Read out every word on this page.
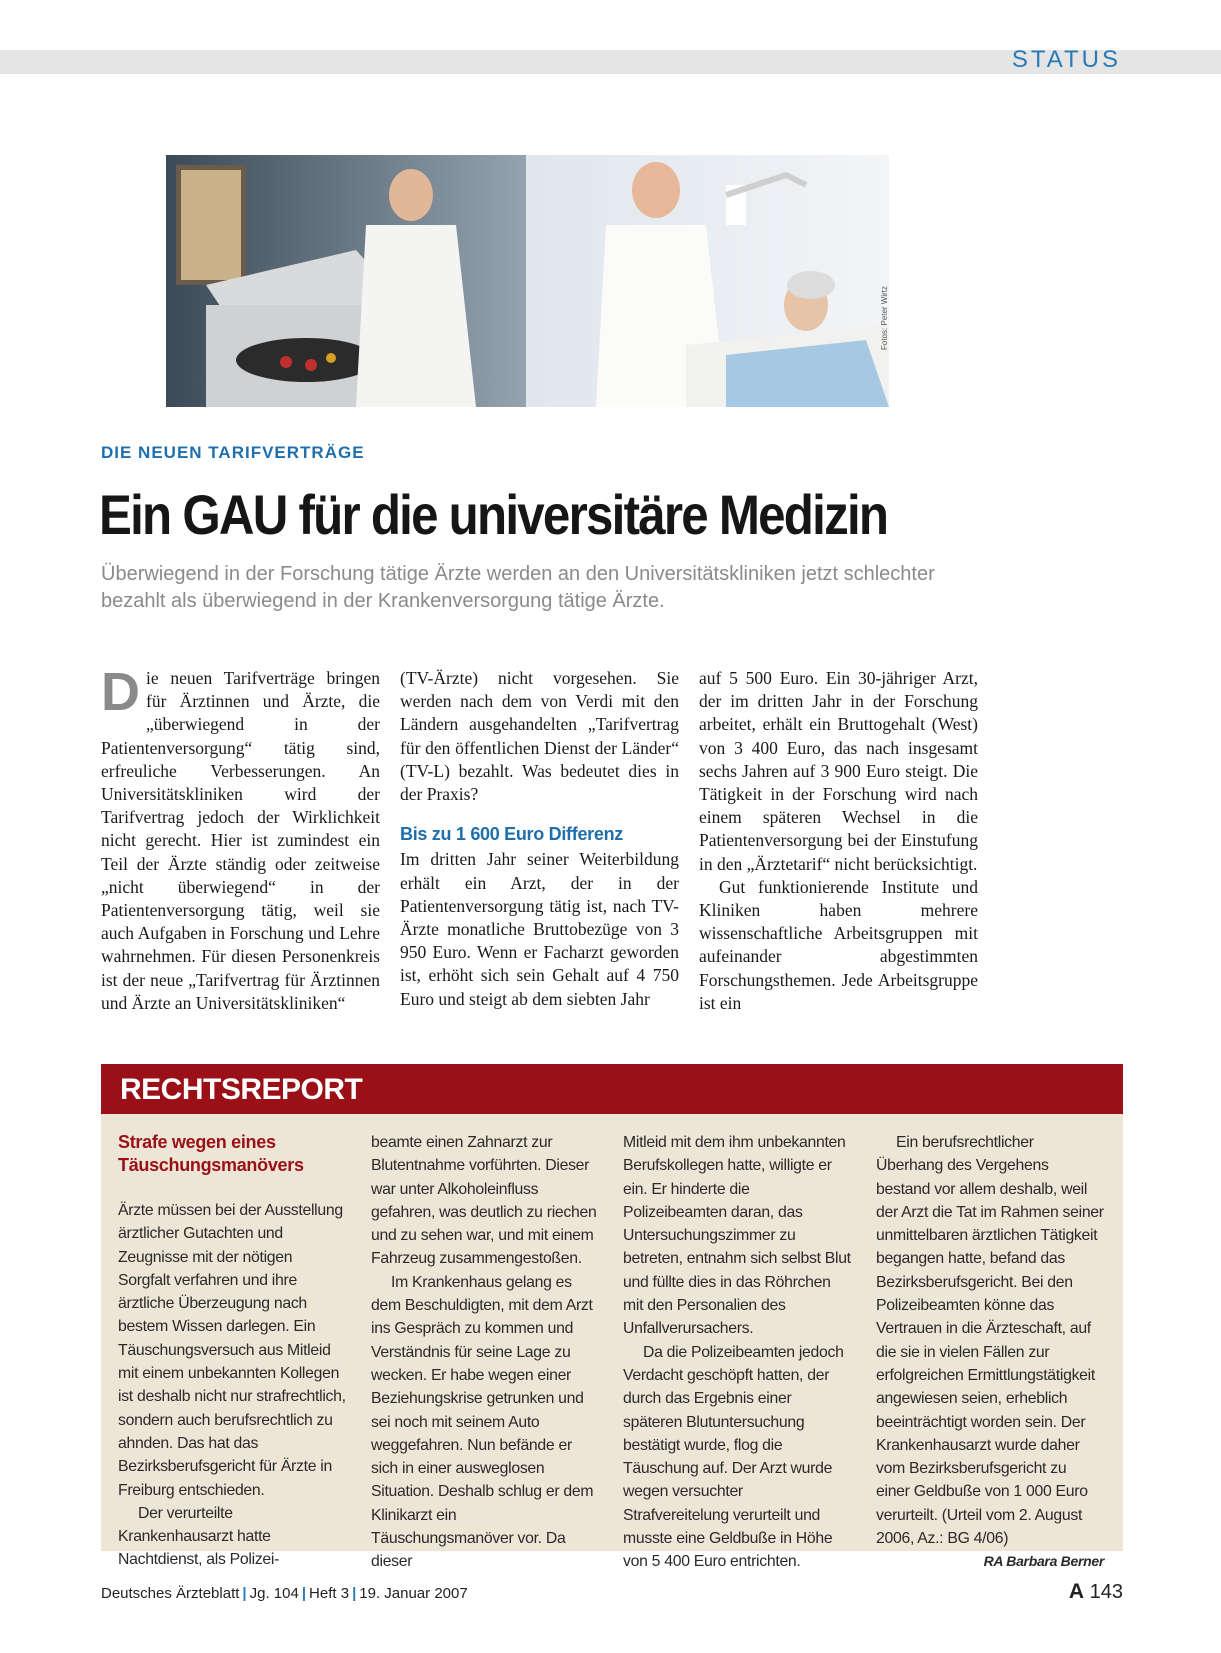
STATUS
Fotos: Peter Wirtz
DIE NEUEN TARIFVERTRÄGE
Ein GAU für die universitäre Medizin
Überwiegend in der Forschung tätige Ärzte werden an den Universitätskliniken jetzt schlechter bezahlt als überwiegend in der Krankenversorgung tätige Ärzte.
D ie neuen Tarifverträge bringen für Ärztinnen und Ärzte, die „überwiegend in der Patientenversorgung“ tätig sind, erfreuliche Verbesserungen. An Universitätskliniken wird der Tarifvertrag jedoch der Wirklichkeit nicht gerecht. Hier ist zumindest ein Teil der Ärzte ständig oder zeitweise „nicht überwiegend“ in der Patientenversorgung tätig, weil sie auch Aufgaben in Forschung und Lehre wahrnehmen. Für diesen Personenkreis ist der neue „Tarifvertrag für Ärztinnen und Ärzte an Universitätskliniken“

(TV-Ärzte) nicht vorgesehen. Sie werden nach dem von Verdi mit den Ländern ausgehandelten „Tarifvertrag für den öffentlichen Dienst der Länder“ (TV-L) bezahlt. Was bedeutet dies in der Praxis?

Bis zu 1 600 Euro Differenz

Im dritten Jahr seiner Weiterbildung erhält ein Arzt, der in der Patientenversorgung tätig ist, nach TV-Ärzte monatliche Bruttobezüge von 3 950 Euro. Wenn er Facharzt geworden ist, erhöht sich sein Gehalt auf 4 750 Euro und steigt ab dem siebten Jahr

auf 5 500 Euro. Ein 30-jähriger Arzt, der im dritten Jahr in der Forschung arbeitet, erhält ein Bruttogehalt (West) von 3 400 Euro, das nach insgesamt sechs Jahren auf 3 900 Euro steigt. Die Tätigkeit in der Forschung wird nach einem späteren Wechsel in die Patientenversorgung bei der Einstufung in den „Ärztetarif“ nicht berücksichtigt.

Gut funktionierende Institute und Kliniken haben mehrere wissenschaftliche Arbeitsgruppen mit aufeinander abgestimmten Forschungsthemen. Jede Arbeitsgruppe ist ein

RECHTSREPORT

Strafe wegen eines Täuschungsmanövers

Ärzte müssen bei der Ausstellung ärztlicher Gutachten und Zeugnisse mit der nötigen Sorgfalt verfahren und ihre ärztliche Überzeugung nach bestem Wissen darlegen. Ein Täuschungsversuch aus Mitleid mit einem unbekannten Kollegen ist deshalb nicht nur strafrechtlich, sondern auch berufsrechtlich zu ahnden. Das hat das Bezirksberufsgericht für Ärzte in Freiburg entschieden.

Der verurteilte Krankenhausarzt hatte Nachtdienst, als Polizei-

beamte einen Zahnarzt zur Blutentnahme vorführten. Dieser war unter Alkoholeinfluss gefahren, was deutlich zu riechen und zu sehen war, und mit einem Fahrzeug zusammengestoßen.

Im Krankenhaus gelang es dem Beschuldigten, mit dem Arzt ins Gespräch zu kommen und Verständnis für seine Lage zu wecken. Er habe wegen einer Beziehungskrise getrunken und sei noch mit seinem Auto weggefahren. Nun befände er sich in einer ausweglosen Situation. Deshalb schlug er dem Klinikarzt ein Täuschungsmanöver vor. Da dieser

Mitleid mit dem ihm unbekannten Berufskollegen hatte, willigte er ein. Er hinderte die Polizeibeamten daran, das Untersuchungszimmer zu betreten, entnahm sich selbst Blut und füllte dies in das Röhrchen mit den Personalien des Unfallverursachers.

Da die Polizeibeamten jedoch Verdacht geschöpft hatten, der durch das Ergebnis einer späteren Blutuntersuchung bestätigt wurde, flog die Täuschung auf. Der Arzt wurde wegen versuchter Strafvereitelung verurteilt und musste eine Geldbuße in Höhe von 5 400 Euro entrichten.

Ein berufsrechtlicher Überhang des Vergehens bestand vor allem deshalb, weil der Arzt die Tat im Rahmen seiner unmittelbaren ärztlichen Tätigkeit begangen hatte, befand das Bezirksberufsgericht. Bei den Polizeibeamten könne das Vertrauen in die Ärzteschaft, auf die sie in vielen Fällen zur erfolgreichen Ermittlungstätigkeit angewiesen seien, erheblich beeinträchtigt worden sein. Der Krankenhausarzt wurde daher vom Bezirksberufsgericht zu einer Geldbuße von 1 000 Euro verurteilt. (Urteil vom 2. August 2006, Az.: BG 4/06)
RA Barbara Berner

Deutsches Ärzteblatt | Jg. 104 | Heft 3 | 19. Januar 2007	A 143
